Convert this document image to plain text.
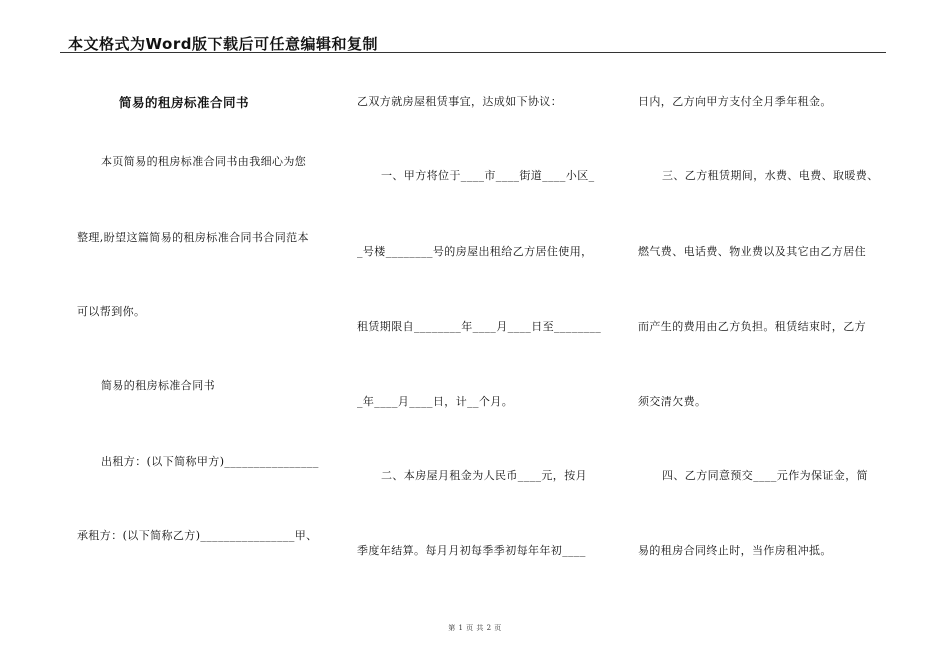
本文格式为Word版下载后可任意编辑和复制
简易的租房标准合同书
本页简易的租房标准合同书由我细心为您
整理,盼望这篇简易的租房标准合同书合同范本
可以帮到你。
简易的租房标准合同书
出租方：(以下简称甲方)________________
承租方：(以下简称乙方)________________甲、
乙双方就房屋租赁事宜，达成如下协议：
一、甲方将位于____市____街道____小区_
_号楼________号的房屋出租给乙方居住使用，
租赁期限自________年____月____日至________
_年____月____日，计__个月。
二、本房屋月租金为人民币____元，按月
季度年结算。每月月初每季季初每年年初____
日内，乙方向甲方支付全月季年租金。
三、乙方租赁期间，水费、电费、取暖费、
燃气费、电话费、物业费以及其它由乙方居住
而产生的费用由乙方负担。租赁结束时，乙方
须交清欠费。
四、乙方同意预交____元作为保证金，简
易的租房合同终止时，当作房租冲抵。
第 1 页 共 2 页
